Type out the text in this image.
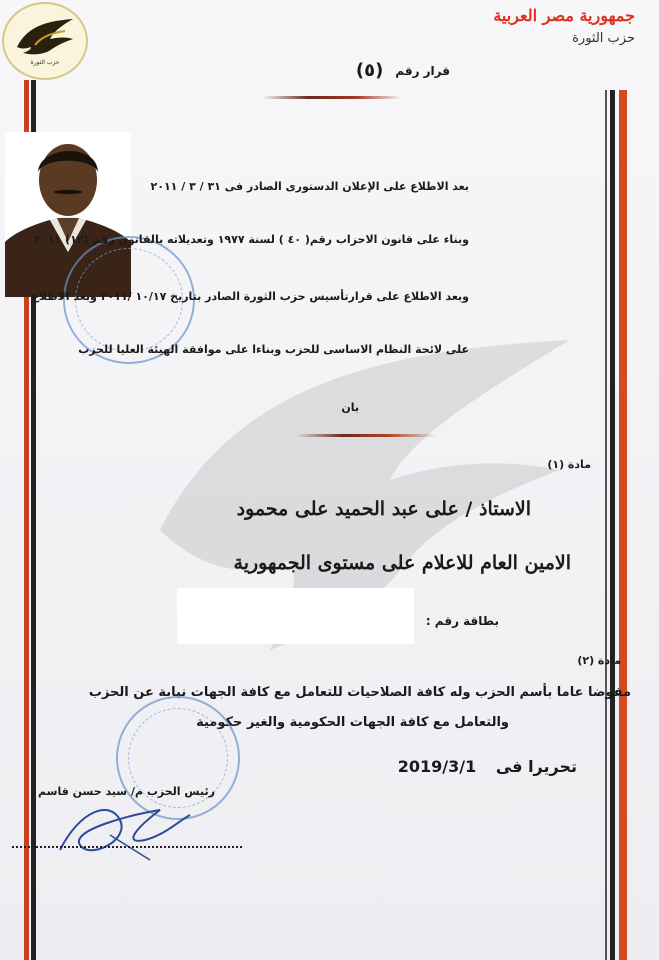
حزب الثورة
جمهورية مصر العربية
حزب الثورة
قرار رقم
(٥)
بعد الاطلاع على الإعلان الدستورى الصادر فى ٣١ / ٣ / ٢٠١١
وبناء على قانون الاحزاب رقم( ٤٠ ) لسنة ١٩٧٧ وتعديلاته بالقانون رقم (١٢) ٢٠١١
وبعد الاطلاع على قرارتأسيس حزب الثورة الصادر بتاريخ ١٠/١٧ /٢٠١١ وبعد الاطلاع
على لائحة النظام الاساسى للحزب وبناءا على موافقة الهيئة العليا للحزب
بان
مادة (١)
الاستاذ / على عبد الحميد على محمود
الامين العام للاعلام على مستوى الجمهورية
بطاقة رقم :
مادة (٢)
مفوضا عاما بأسم الحزب وله كافة الصلاحيات للتعامل مع كافة الجهات نيابة عن الحزب
والتعامل مع كافة الجهات الحكومية والغير حكومية
تحريرا فى 2019/3/1
رئيس الحزب م/ سيد حسن قاسم
